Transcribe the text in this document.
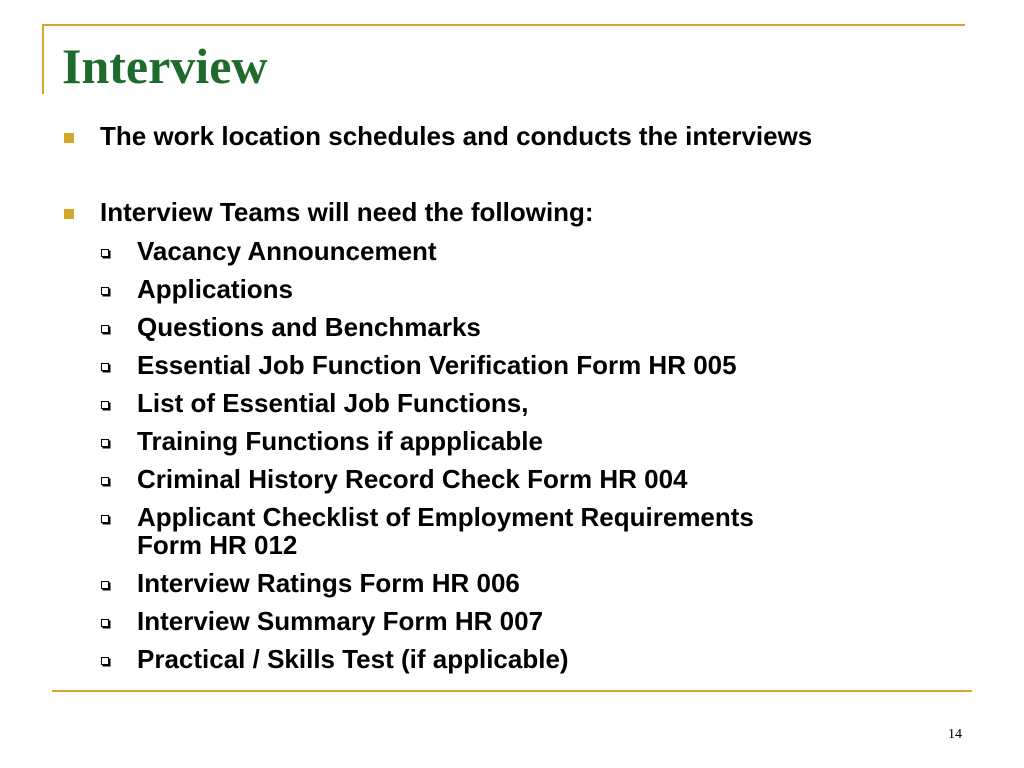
Interview
The work location schedules and conducts the interviews
Interview Teams will need the following:
Vacancy Announcement
Applications
Questions and Benchmarks
Essential Job Function Verification Form HR 005
List of Essential Job Functions,
Training Functions if appplicable
Criminal History Record Check Form HR 004
Applicant Checklist of Employment Requirements
Form HR 012
Interview Ratings Form HR 006
Interview Summary Form HR 007
Practical / Skills Test (if applicable)
14
